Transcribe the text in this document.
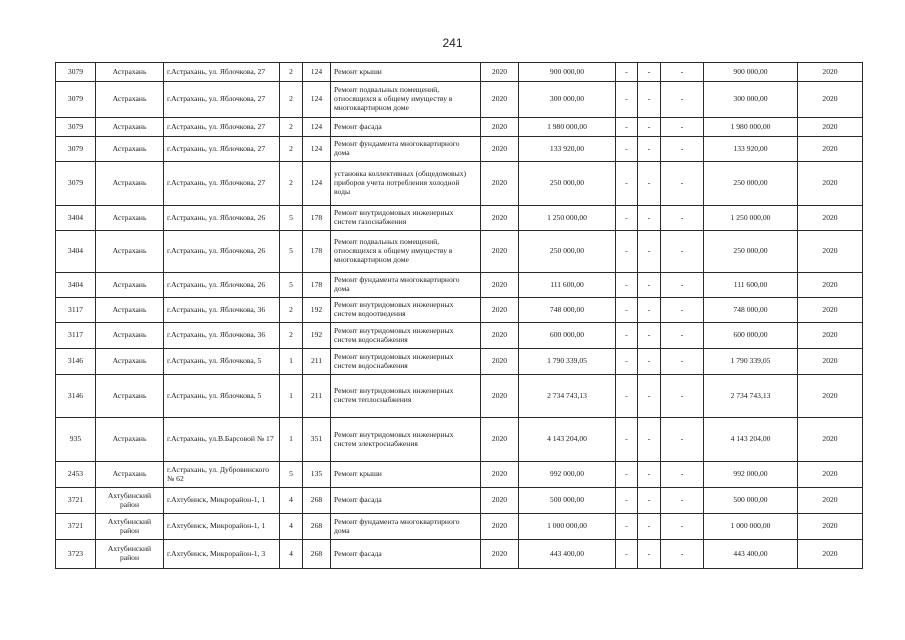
241
3079	Астрахань	г.Астрахань, ул. Яблочкова, 27	2	124	Ремонт крыши	2020	900 000,00	-	-	-	900 000,00	2020
3079	Астрахань	г.Астрахань, ул. Яблочкова, 27	2	124	Ремонт подвальных помещений, относящихся к общему имуществу в многоквартирном доме	2020	300 000,00	-	-	-	300 000,00	2020
3079	Астрахань	г.Астрахань, ул. Яблочкова, 27	2	124	Ремонт фасада	2020	1 980 000,00	-	-	-	1 980 000,00	2020
3079	Астрахань	г.Астрахань, ул. Яблочкова, 27	2	124	Ремонт фундамента многоквартирного дома	2020	133 920,00	-	-	-	133 920,00	2020
3079	Астрахань	г.Астрахань, ул. Яблочкова, 27	2	124	установка коллективных (общедомовых) приборов учета потребления холодной воды	2020	250 000,00	-	-	-	250 000,00	2020
3404	Астрахань	г.Астрахань, ул. Яблочкова, 26	5	178	Ремонт внутридомовых инженерных систем газоснабжения	2020	1 250 000,00	-	-	-	1 250 000,00	2020
3404	Астрахань	г.Астрахань, ул. Яблочкова, 26	5	178	Ремонт подвальных помещений, относящихся к общему имуществу в многоквартирном доме	2020	250 000,00	-	-	-	250 000,00	2020
3404	Астрахань	г.Астрахань, ул. Яблочкова, 26	5	178	Ремонт фундамента многоквартирного дома	2020	111 600,00	-	-	-	111 600,00	2020
3117	Астрахань	г.Астрахань, ул. Яблочкова, 36	2	192	Ремонт внутридомовых инженерных систем водоотведения	2020	748 000,00	-	-	-	748 000,00	2020
3117	Астрахань	г.Астрахань, ул. Яблочкова, 36	2	192	Ремонт внутридомовых инженерных систем водоснабжения	2020	600 000,00	-	-	-	600 000,00	2020
3146	Астрахань	г.Астрахань, ул. Яблочкова, 5	1	211	Ремонт внутридомовых инженерных систем водоснабжения	2020	1 790 339,05	-	-	-	1 790 339,05	2020
3146	Астрахань	г.Астрахань, ул. Яблочкова, 5	1	211	Ремонт внутридомовых инженерных систем теплоснабжения	2020	2 734 743,13	-	-	-	2 734 743,13	2020
935	Астрахань	г.Астрахань, ул.В.Барсовой № 17	1	351	Ремонт внутридомовых инженерных систем электроснабжения	2020	4 143 204,00	-	-	-	4 143 204,00	2020
2453	Астрахань	г.Астрахань, ул. Дубровинского № 62	5	135	Ремонт крыши	2020	992 000,00	-	-	-	992 000,00	2020
3721	Ахтубинский район	г.Ахтубинск, Микрорайон-1, 1	4	268	Ремонт фасада	2020	500 000,00	-	-	-	500 000,00	2020
3721	Ахтубинский район	г.Ахтубинск, Микрорайон-1, 1	4	268	Ремонт фундамента многоквартирного дома	2020	1 000 000,00	-	-	-	1 000 000,00	2020
3723	Ахтубинский район	г.Ахтубинск, Микрорайон-1, 3	4	268	Ремонт фасада	2020	443 400,00	-	-	-	443 400,00	2020
